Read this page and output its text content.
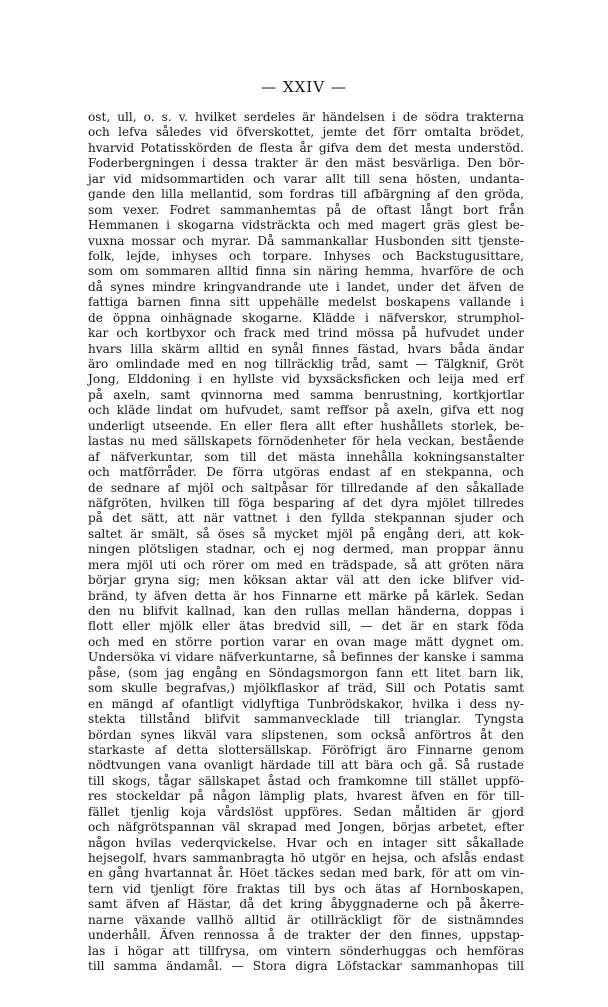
— XXIV —
ost, ull, o. s. v. hvilket serdeles är händelsen i de södra trakterna
och lefva således vid öfverskottet, jemte det förr omtalta brödet,
hvarvid Potatisskörden de flesta år gifva dem det mesta understöd.
Foderbergningen i dessa trakter är den mäst besvärliga. Den bör-
jar vid midsommartiden och varar allt till sena hösten, undanta-
gande den lilla mellantid, som fordras till afbärgning af den gröda,
som vexer. Fodret sammanhemtas på de oftast långt bort från
Hemmanen i skogarna vidsträckta och med magert gräs glest be-
vuxna mossar och myrar. Då sammankallar Husbonden sitt tjenste-
folk, lejde, inhyses och torpare. Inhyses och Backstugusittare,
som om sommaren alltid finna sin näring hemma, hvarföre de och
då synes mindre kringvandrande ute i landet, under det äfven de
fattiga barnen finna sitt uppehälle medelst boskapens vallande i
de öppna oinhägnade skogarne. Klädde i näfverskor, strumphol-
kar och kortbyxor och frack med trind mössa på hufvudet under
hvars lilla skärm alltid en synål finnes fästad, hvars båda ändar
äro omlindade med en nog tillräcklig tråd, samt — Tälgknif, Gröt
Jong, Elddoning i en hyllste vid byxsäcksficken och leija med erf
på axeln, samt qvinnorna med samma benrustning, kortkjortlar
och kläde lindat om hufvudet, samt reffsor på axeln, gifva ett nog
underligt utseende. En eller flera allt efter hushållets storlek, be-
lastas nu med sällskapets förnödenheter för hela veckan, bestående
af näfverkuntar, som till det mästa innehålla kokningsanstalter
och matförråder. De förra utgöras endast af en stekpanna, och
de sednare af mjöl och saltpåsar för tillredande af den såkallade
näfgröten, hvilken till föga besparing af det dyra mjölet tillredes
på det sätt, att när vattnet i den fyllda stekpannan sjuder och
saltet är smält, så öses så mycket mjöl på engång deri, att kok-
ningen plötsligen stadnar, och ej nog dermed, man proppar ännu
mera mjöl uti och rörer om med en trädspade, så att gröten nära
börjar gryna sig; men köksan aktar väl att den icke blifver vid-
bränd, ty äfven detta är hos Finnarne ett märke på kärlek. Sedan
den nu blifvit kallnad, kan den rullas mellan händerna, doppas i
flott eller mjölk eller ätas bredvid sill, — det är en stark föda
och med en större portion varar en ovan mage mätt dygnet om.
Undersöka vi vidare näfverkuntarne, så befinnes der kanske i samma
påse, (som jag engång en Söndagsmorgon fann ett litet barn lik,
som skulle begrafvas,) mjölkflaskor af träd, Sill och Potatis samt
en mängd af ofantligt vidlyftiga Tunbrödskakor, hvilka i dess ny-
stekta tillstånd blifvit sammanvecklade till trianglar. Tyngsta
bördan synes likväl vara slipstenen, som också anförtros åt den
starkaste af detta slottersällskap. Föröfrigt äro Finnarne genom
nödtvungen vana ovanligt härdade till att bära och gå. Så rustade
till skogs, tågar sällskapet åstad och framkomne till stället uppfö-
res stockeldar på någon lämplig plats, hvarest äfven en för till-
fället tjenlig koja vårdslöst uppföres. Sedan måltiden är gjord
och näfgrötspannan väl skrapad med Jongen, börjas arbetet, efter
någon hvilas vederqvickelse. Hvar och en intager sitt såkallade
hejsegolf, hvars sammanbragta hö utgör en hejsa, och afslås endast
en gång hvartannat år. Höet täckes sedan med bark, för att om vin-
tern vid tjenligt före fraktas till bys och ätas af Hornboskapen,
samt äfven af Hästar, då det kring åbyggnaderne och på åkerre-
narne växande vallhö alltid är otillräckligt för de sistnämndes
underhåll. Äfven rennossa å de trakter der den finnes, uppstap-
las i högar att tillfrysa, om vintern sönderhuggas och hemföras
till samma ändamål. — Stora digra Löfstackar sammanhopas till
